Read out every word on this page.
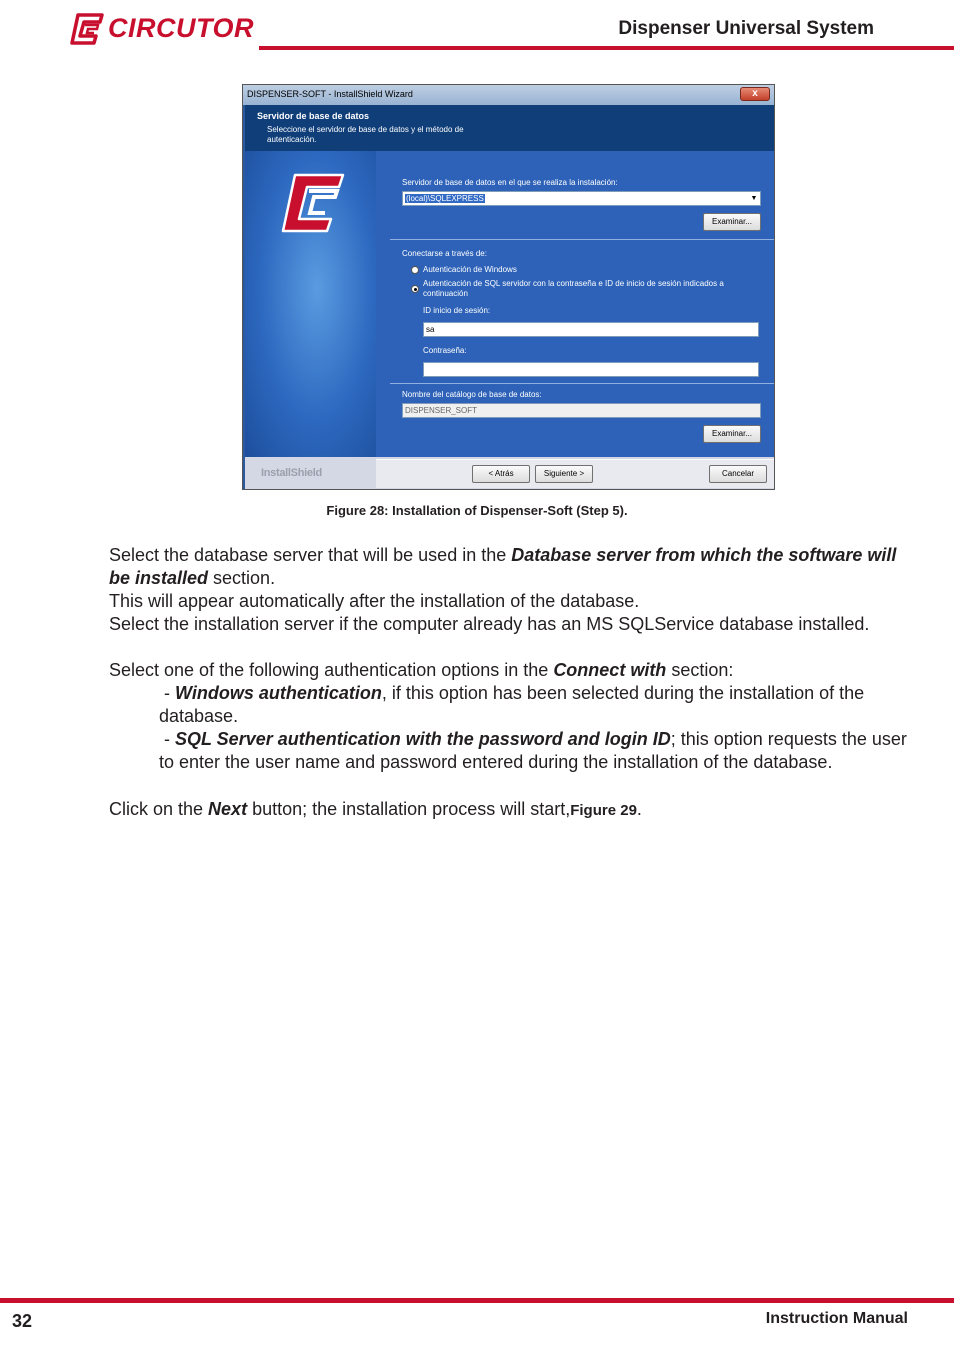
CIRCUTOR	Dispenser Universal System
DISPENSER-SOFT - InstallShield Wizard	x
Servidor de base de datos
Seleccione el servidor de base de datos y el método de autenticación.
Servidor de base de datos en el que se realiza la instalación:
(local)\SQLEXPRESS	▼
Examinar...
Conectarse a través de:
Autenticación de Windows
Autenticación de SQL servidor con la contraseña e ID de inicio de sesión indicados a continuación
ID inicio de sesión:
sa
Contraseña:
Nombre del catálogo de base de datos:
DISPENSER_SOFT
Examinar...
InstallShield	< Atrás	Siguiente >	Cancelar
Figure 28: Installation of Dispenser-Soft (Step 5).
Select the database server that will be used in the Database server from which the software will be installed section.
This will appear automatically after the installation of the database.
Select the installation server if the computer already has an MS SQLService database installed.
Select one of the following authentication options in the Connect with section:
- Windows authentication, if this option has been selected during the installation of the database.
- SQL Server authentication with the password and login ID; this option requests the user to enter the user name and password entered during the installation of the database.
Click on the Next button; the installation process will start,Figure 29.
32	Instruction Manual
